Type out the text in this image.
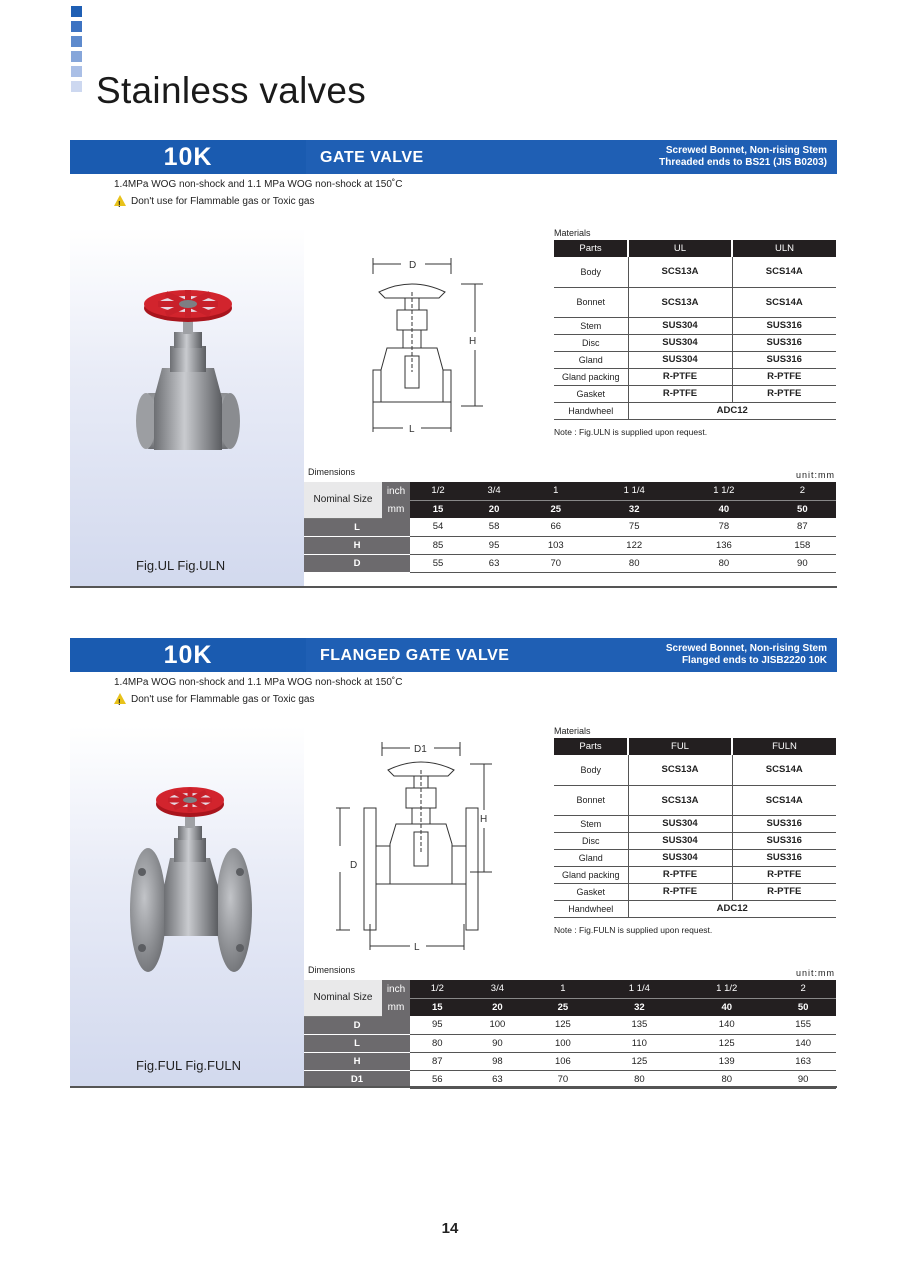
Stainless valves
10K	GATE VALVE	Screwed Bonnet, Non-rising Stem
Threaded ends to BS21 (JIS B0203)
1.4MPa WOG non-shock and 1.1 MPa WOG non-shock at 150˚C
!Don't use for Flammable gas or Toxic gas
Fig.UL Fig.ULN
D
H
L
Materials
Parts	UL	ULN
Body	SCS13A	SCS14A
Bonnet	SCS13A	SCS14A
Stem	SUS304	SUS316
Disc	SUS304	SUS316
Gland	SUS304	SUS316
Gland packing	R-PTFE	R-PTFE
Gasket	R-PTFE	R-PTFE
Handwheel	ADC12	
Note : Fig.ULN is supplied upon request.
Dimensions	unit:mm
Nominal Size	inch	1/2	3/4	1	1 1/4	1 1/2	2	
	mm	15	20	25	32	40	50	
L		54	58	66	75	78	87	
H		85	95	103	122	136	158	
D		55	63	70	80	80	90	
10K	FLANGED GATE VALVE	Screwed Bonnet, Non-rising Stem
Flanged ends to JISB2220 10K
1.4MPa WOG non-shock and 1.1 MPa WOG non-shock at 150˚C
!Don't use for Flammable gas or Toxic gas
Fig.FUL Fig.FULN
D1
D
H
L
Materials
Parts	FUL	FULN
Body	SCS13A	SCS14A
Bonnet	SCS13A	SCS14A
Stem	SUS304	SUS316
Disc	SUS304	SUS316
Gland	SUS304	SUS316
Gland packing	R-PTFE	R-PTFE
Gasket	R-PTFE	R-PTFE
Handwheel	ADC12	
Note : Fig.FULN is supplied upon request.
Dimensions	unit:mm
Nominal Size	inch	1/2	3/4	1	1 1/4	1 1/2	2	
	mm	15	20	25	32	40	50	
D		95	100	125	135	140	155	
L		80	90	100	110	125	140	
H		87	98	106	125	139	163	
D1		56	63	70	80	80	90	
14
